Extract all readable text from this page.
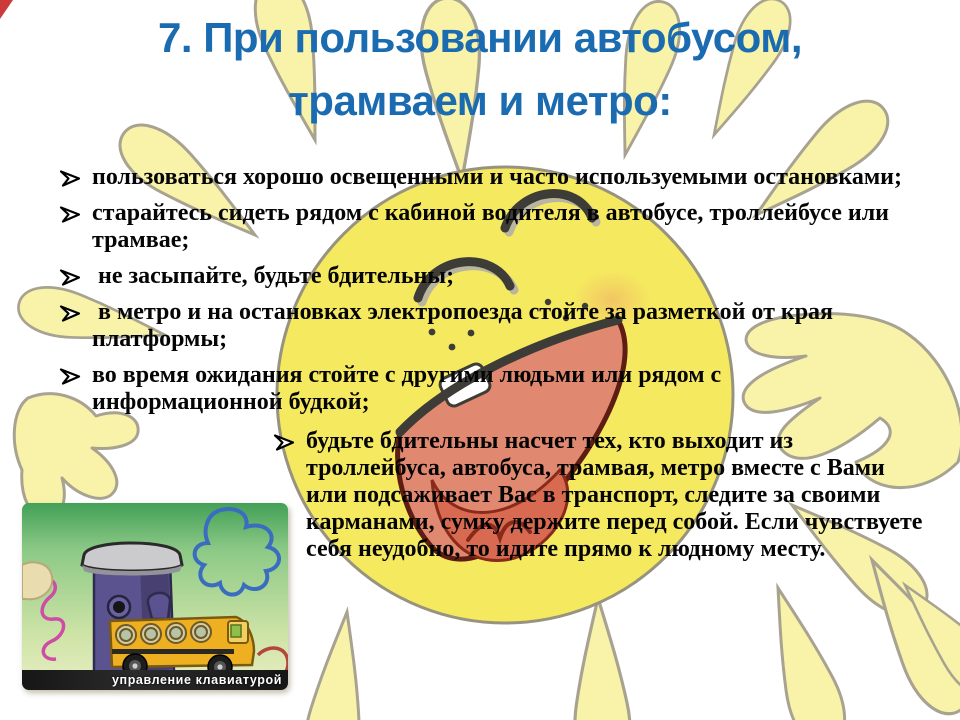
7. При пользовании автобусом,
трамваем и метро:
пользоваться хорошо освещенными и часто используемыми остановками;
старайтесь сидеть рядом с кабиной водителя в автобусе, троллейбусе или трамвае;
не засыпайте, будьте бдительны;
в метро и на остановках электропоезда стойте за разметкой от края платформы;
во время ожидания стойте с другими людьми или рядом с информационной будкой;
будьте бдительны насчет тех, кто выходит из троллейбуса, автобуса, трамвая, метро вместе с Вами или подсаживает Вас в транспорт, следите за своими карманами, сумку держите перед собой. Если чувствуете себя неудобно, то идите прямо к людному месту.
управление клавиатурой
